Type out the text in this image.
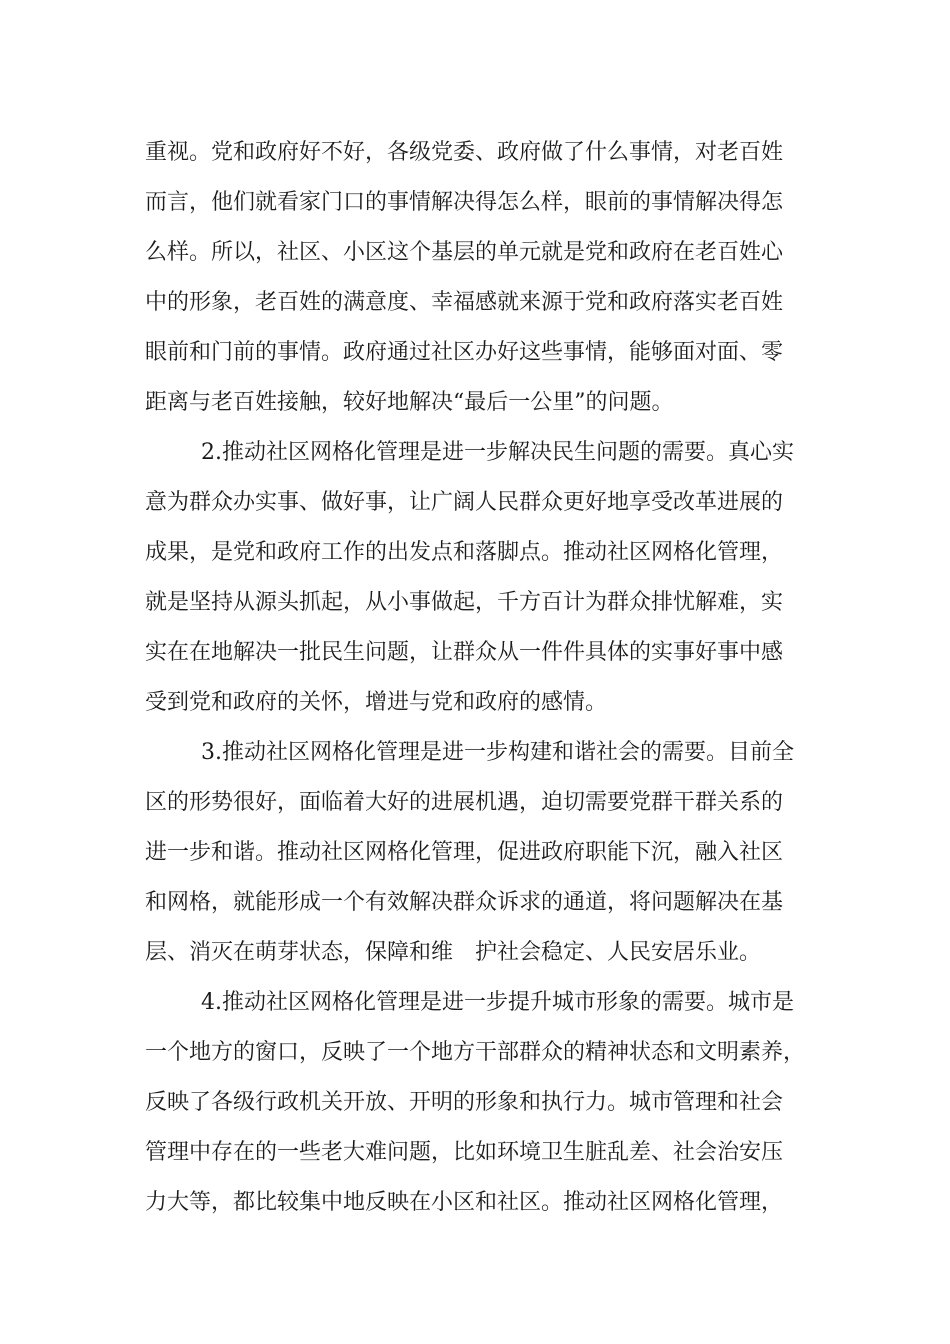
重视。党和政府好不好，各级党委、政府做了什么事情，对老百姓
而言，他们就看家门口的事情解决得怎么样，眼前的事情解决得怎
么样。所以，社区、小区这个基层的单元就是党和政府在老百姓心
中的形象，老百姓的满意度、幸福感就来源于党和政府落实老百姓
眼前和门前的事情。政府通过社区办好这些事情，能够面对面、零
距离与老百姓接触，较好地解决“最后一公里”的问题。
2.推动社区网格化管理是进一步解决民生问题的需要。真心实
意为群众办实事、做好事，让广阔人民群众更好地享受改革进展的
成果，是党和政府工作的出发点和落脚点。推动社区网格化管理，
就是坚持从源头抓起，从小事做起，千方百计为群众排忧解难，实
实在在地解决一批民生问题，让群众从一件件具体的实事好事中感
受到党和政府的关怀，增进与党和政府的感情。
3.推动社区网格化管理是进一步构建和谐社会的需要。目前全
区的形势很好，面临着大好的进展机遇，迫切需要党群干群关系的
进一步和谐。推动社区网格化管理，促进政府职能下沉，融入社区
和网格，就能形成一个有效解决群众诉求的通道，将问题解决在基
层、消灭在萌芽状态，保障和维　护社会稳定、人民安居乐业。
4.推动社区网格化管理是进一步提升城市形象的需要。城市是
一个地方的窗口，反映了一个地方干部群众的精神状态和文明素养，
反映了各级行政机关开放、开明的形象和执行力。城市管理和社会
管理中存在的一些老大难问题，比如环境卫生脏乱差、社会治安压
力大等，都比较集中地反映在小区和社区。推动社区网格化管理，
